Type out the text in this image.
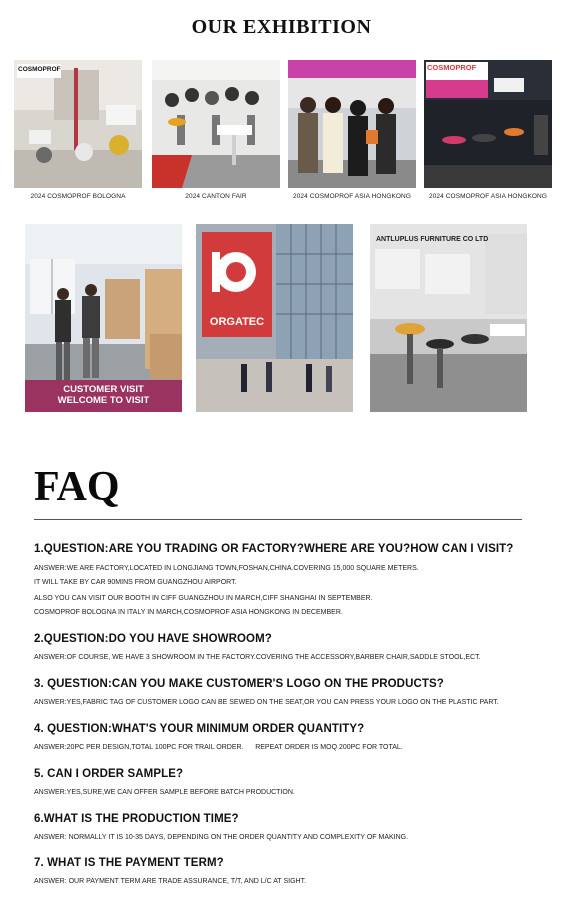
OUR EXHIBITION
COSMOPROF
2024 COSMOPROF BOLOGNA	2024 CANTON FAIR	2024 COSMOPROF ASIA HONGKONG
COSMOPROF
2024 COSMOPROF ASIA HONGKONG
CUSTOMER VISIT
WELCOME TO VISIT
ORGATEC
ANTLUPLUS FURNITURE CO LTD
FAQ
1.QUESTION:ARE YOU TRADING OR FACTORY?WHERE ARE YOU?HOW CAN I VISIT?
ANSWER:WE ARE FACTORY,LOCATED IN LONGJIANG TOWN,FOSHAN,CHINA.COVERING 15,000 SQUARE METERS.
IT WILL TAKE BY CAR 90MINS FROM GUANGZHOU AIRPORT.
ALSO YOU CAN VISIT OUR BOOTH IN CIFF GUANGZHOU IN MARCH,CIFF SHANGHAI IN SEPTEMBER.
COSMOPROF BOLOGNA IN ITALY IN MARCH,COSMOPROF ASIA HONGKONG IN DECEMBER.
2.QUESTION:DO YOU HAVE SHOWROOM?
ANSWER:OF COURSE, WE HAVE 3 SHOWROOM IN THE FACTORY.COVERING THE ACCESSORY,BARBER CHAIR,SADDLE STOOL,ECT.
3. QUESTION:CAN YOU MAKE CUSTOMER'S LOGO ON THE PRODUCTS?
ANSWER:YES,FABRIC TAG OF CUSTOMER LOGO CAN BE SEWED ON THE SEAT,OR YOU CAN PRESS YOUR LOGO ON THE PLASTIC PART.
4. QUESTION:WHAT'S YOUR MINIMUM ORDER QUANTITY?
ANSWER:20PC PER DESIGN,TOTAL 100PC FOR TRAIL ORDER.      REPEAT ORDER IS MOQ 200PC FOR TOTAL.
5. CAN I ORDER SAMPLE?
ANSWER:YES,SURE,WE CAN OFFER SAMPLE BEFORE BATCH PRODUCTION.
6.WHAT IS THE PRODUCTION TIME?
ANSWER: NORMALLY IT IS 10-35 DAYS, DEPENDING ON THE ORDER QUANTITY AND COMPLEXITY OF MAKING.
7. WHAT IS THE PAYMENT TERM?
ANSWER: OUR PAYMENT TERM ARE TRADE ASSURANCE, T/T, AND L/C AT SIGHT.
